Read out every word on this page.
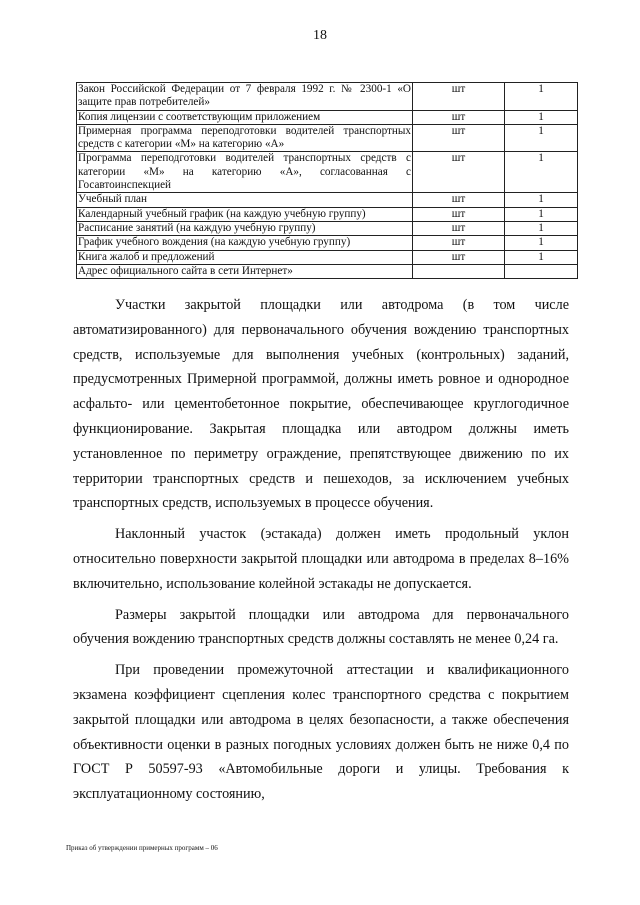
18
Закон Российской Федерации от 7 февраля 1992 г. № 2300-1 «О защите прав потребителей»	шт	1
Копия лицензии с соответствующим приложением	шт	1
Примерная программа переподготовки водителей транспортных средств с категории «М» на категорию «А»	шт	1
Программа переподготовки водителей транспортных средств с категории «М» на категорию «А», согласованная с Госавтоинспекцией	шт	1
Учебный план	шт	1
Календарный учебный график (на каждую учебную группу)	шт	1
Расписание занятий (на каждую учебную группу)	шт	1
График учебного вождения (на каждую учебную группу)	шт	1
Книга жалоб и предложений	шт	1
Адрес официального сайта в сети Интернет»		

Участки закрытой площадки или автодрома (в том числе автоматизированного) для первоначального обучения вождению транспортных средств, используемые для выполнения учебных (контрольных) заданий, предусмотренных Примерной программой, должны иметь ровное и однородное асфальто- или цементобетонное покрытие, обеспечивающее круглогодичное функционирование. Закрытая площадка или автодром должны иметь установленное по периметру ограждение, препятствующее движению по их территории транспортных средств и пешеходов, за исключением учебных транспортных средств, используемых в процессе обучения.

Наклонный участок (эстакада) должен иметь продольный уклон относительно поверхности закрытой площадки или автодрома в пределах 8–16% включительно, использование колейной эстакады не допускается.

Размеры закрытой площадки или автодрома для первоначального обучения вождению транспортных средств должны составлять не менее 0,24 га.

При проведении промежуточной аттестации и квалификационного экзамена коэффициент сцепления колес транспортного средства с покрытием закрытой площадки или автодрома в целях безопасности, а также обеспечения объективности оценки в разных погодных условиях должен быть не ниже 0,4 по ГОСТ Р 50597-93 «Автомобильные дороги и улицы. Требования к эксплуатационному состоянию,

Приказ об утверждении примерных программ – 06
